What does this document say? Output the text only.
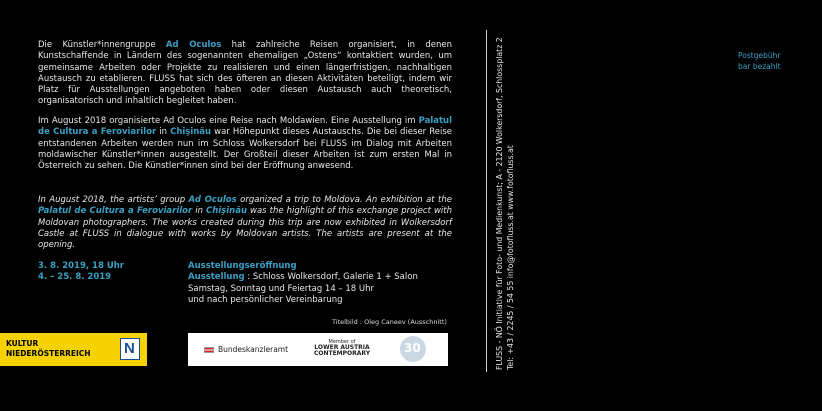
Die Künstler*innengruppe Ad Oculos hat zahlreiche Reisen organisiert, in denen Kunstschaffende in Ländern des sogenannten ehemaligen „Ostens“ kontaktiert wurden, um gemeinsame Arbeiten oder Projekte zu realisieren und einen längerfristigen, nachhaltigen Austausch zu etablieren. FLUSS hat sich des öfteren an diesen Aktivitäten beteiligt, indem wir Platz für Ausstellungen angeboten haben oder diesen Austausch auch theoretisch, organisatorisch und inhaltlich begleitet haben.
Im August 2018 organisierte Ad Oculos eine Reise nach Moldawien. Eine Ausstellung im Palatul de Cultura a Feroviarilor in Chişinău war Höhepunkt dieses Austauschs. Die bei dieser Reise entstandenen Arbeiten werden nun im Schloss Wolkersdorf bei FLUSS im Dialog mit Arbeiten moldawischer Künstler*innen ausgestellt. Der Großteil dieser Arbeiten ist zum ersten Mal in Österreich zu sehen. Die Künstler*innen sind bei der Eröffnung anwesend.
In August 2018, the artists’ group Ad Oculos organized a trip to Moldova. An exhibition at the Palatul de Cultura a Feroviarilor in Chişinău was the highlight of this exchange project with Moldovan photographers. The works created during this trip are now exhibited in Wolkersdorf Castle at FLUSS in dialogue with works by Moldovan artists. The artists are present at the opening.
3. 8. 2019, 18 Uhr
4. – 25. 8. 2019
Ausstellungseröffnung
Ausstellung : Schloss Wolkersdorf, Galerie 1 + Salon
Samstag, Sonntag und Feiertag 14 – 18 Uhr
und nach persönlicher Vereinbarung
Titelbild : Oleg Caneev (Ausschnitt)
KULTUR
NIEDERÖSTERREICH N	Bundeskanzleramt
Member of
LOWER AUSTRIA CONTEMPORARY	30	FLUSS - NÖ Initiative für Foto- und Medienkunst; A - 2120 Wolkersdorf, Schlossplatz 2 Tel: +43 / 2245 / 54 55 info@fotofluss.at www.fotofluss.at
Postgebühr
bar bezahlt
